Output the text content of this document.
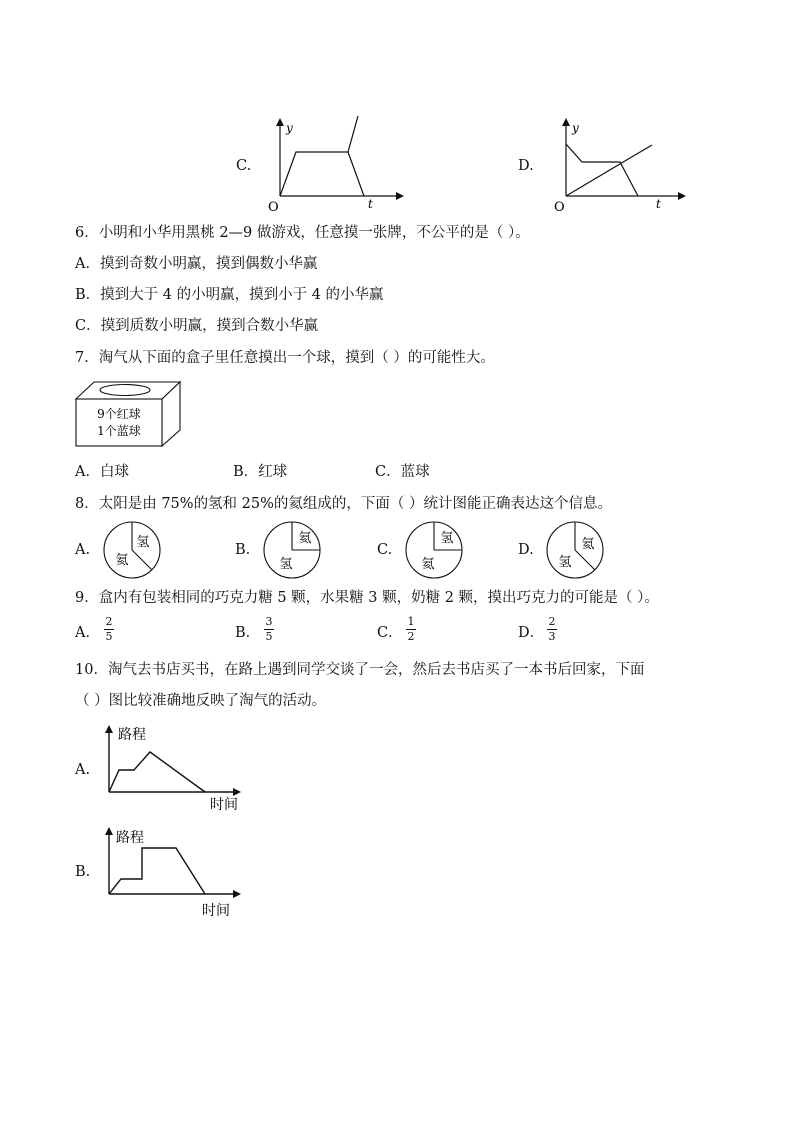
C.
y
t
O
D.
y
t
O
6．小明和小华用黑桃 2—9 做游戏，任意摸一张牌，不公平的是（ ）。
A．摸到奇数小明赢，摸到偶数小华赢
B．摸到大于 4 的小明赢，摸到小于 4 的小华赢
C．摸到质数小明赢，摸到合数小华赢
7．淘气从下面的盒子里任意摸出一个球，摸到（ ）的可能性大。
9个红球
1个蓝球
A．白球	B．红球	C．蓝球
8．太阳是由 75%的氢和 25%的氦组成的，下面（ ）统计图能正确表达这个信息。
A.	氢
氦
B.
氦
氢
C.
氢
氦
D.	氦
氢
9．盒内有包装相同的巧克力糖 5 颗，水果糖 3 颗，奶糖 2 颗，摸出巧克力的可能是（ ）。
A．
2
5	B．
3
5	C．
1
2	D．
2
3
10．淘气去书店买书，在路上遇到同学交谈了一会，然后去书店买了一本书后回家，下面
（ ）图比较准确地反映了淘气的活动。
A.
路程
时间
B.
路程
时间
